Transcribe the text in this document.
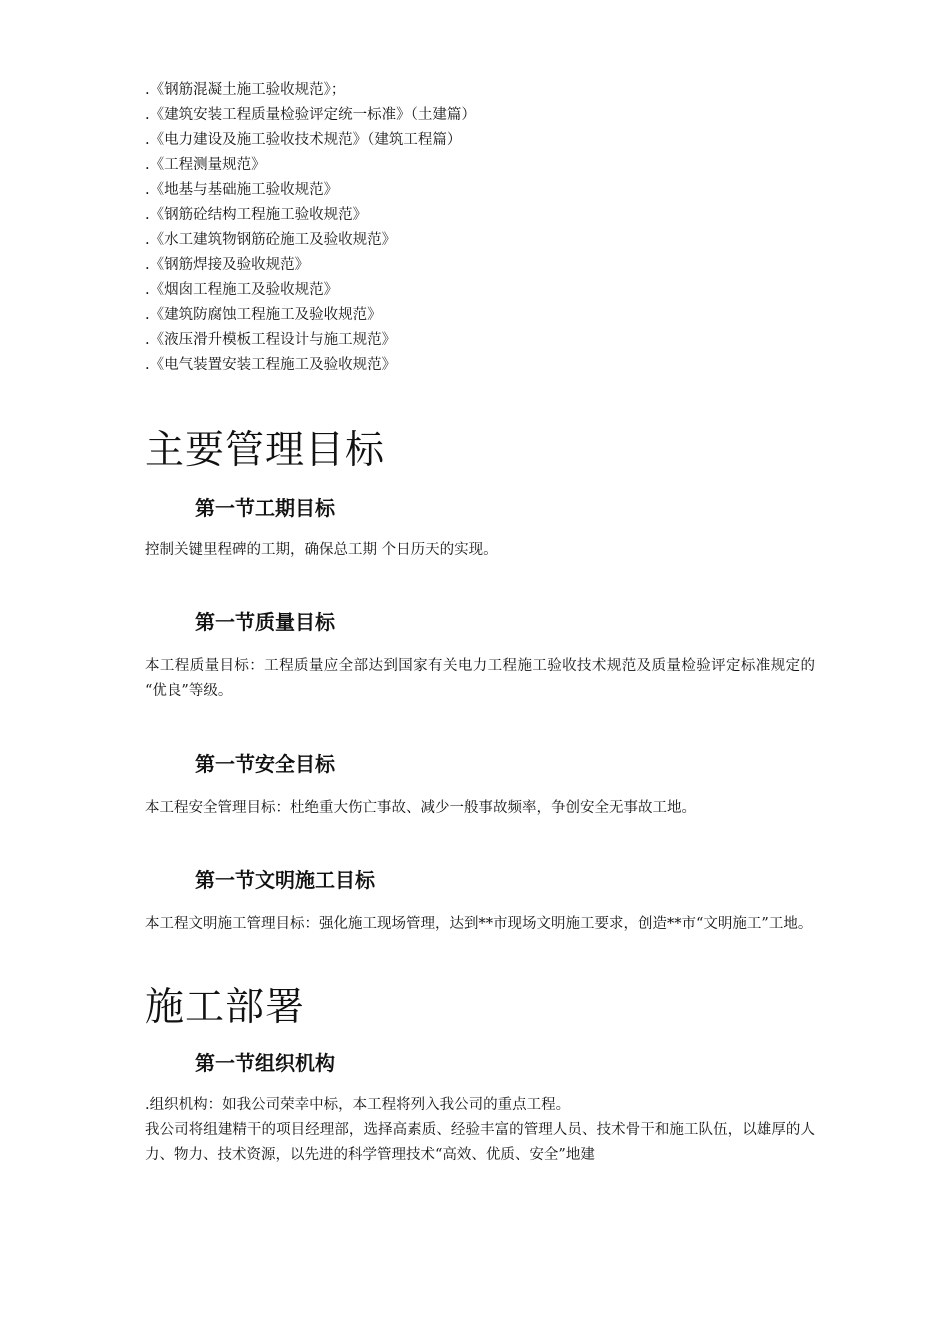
.《钢筋混凝土施工验收规范》；
.《建筑安装工程质量检验评定统一标准》（土建篇）
.《电力建设及施工验收技术规范》（建筑工程篇）
.《工程测量规范》
.《地基与基础施工验收规范》
.《钢筋砼结构工程施工验收规范》
.《水工建筑物钢筋砼施工及验收规范》
.《钢筋焊接及验收规范》
.《烟囱工程施工及验收规范》
.《建筑防腐蚀工程施工及验收规范》
.《液压滑升模板工程设计与施工规范》
.《电气装置安装工程施工及验收规范》
主要管理目标
第一节工期目标

控制关键里程碑的工期，确保总工期 个日历天的实现。

第一节质量目标

本工程质量目标：工程质量应全部达到国家有关电力工程施工验收技术规范及质量检验评定标准规定的 “优良”等级。

第一节安全目标

本工程安全管理目标：杜绝重大伤亡事故、减少一般事故频率，争创安全无事故工地。

第一节文明施工目标

本工程文明施工管理目标：强化施工现场管理，达到**市现场文明施工要求，创造**市“文明施工”工地。

施工部署
第一节组织机构

.组织机构：如我公司荣幸中标，本工程将列入我公司的重点工程。

我公司将组建精干的项目经理部，选择高素质、经验丰富的管理人员、技术骨干和施工队伍，以雄厚的人力、物力、技术资源，以先进的科学管理技术“高效、优质、安全”地建
